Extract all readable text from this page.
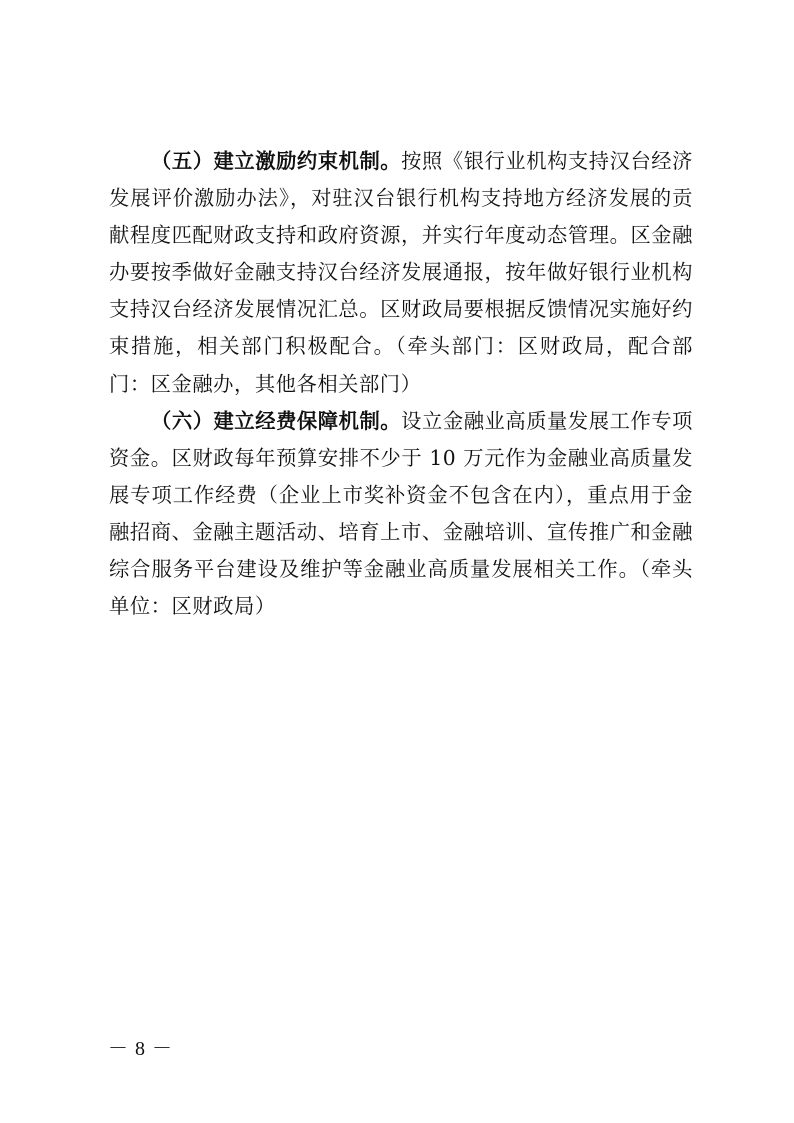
（五）建立激励约束机制。按照《银行业机构支持汉台经济发展评价激励办法》，对驻汉台银行机构支持地方经济发展的贡献程度匹配财政支持和政府资源，并实行年度动态管理。区金融办要按季做好金融支持汉台经济发展通报，按年做好银行业机构支持汉台经济发展情况汇总。区财政局要根据反馈情况实施好约束措施，相关部门积极配合。（牵头部门：区财政局，配合部门：区金融办，其他各相关部门）

（六）建立经费保障机制。设立金融业高质量发展工作专项资金。区财政每年预算安排不少于 10 万元作为金融业高质量发展专项工作经费（企业上市奖补资金不包含在内），重点用于金融招商、金融主题活动、培育上市、金融培训、宣传推广和金融综合服务平台建设及维护等金融业高质量发展相关工作。（牵头单位：区财政局）

－ 8 －
